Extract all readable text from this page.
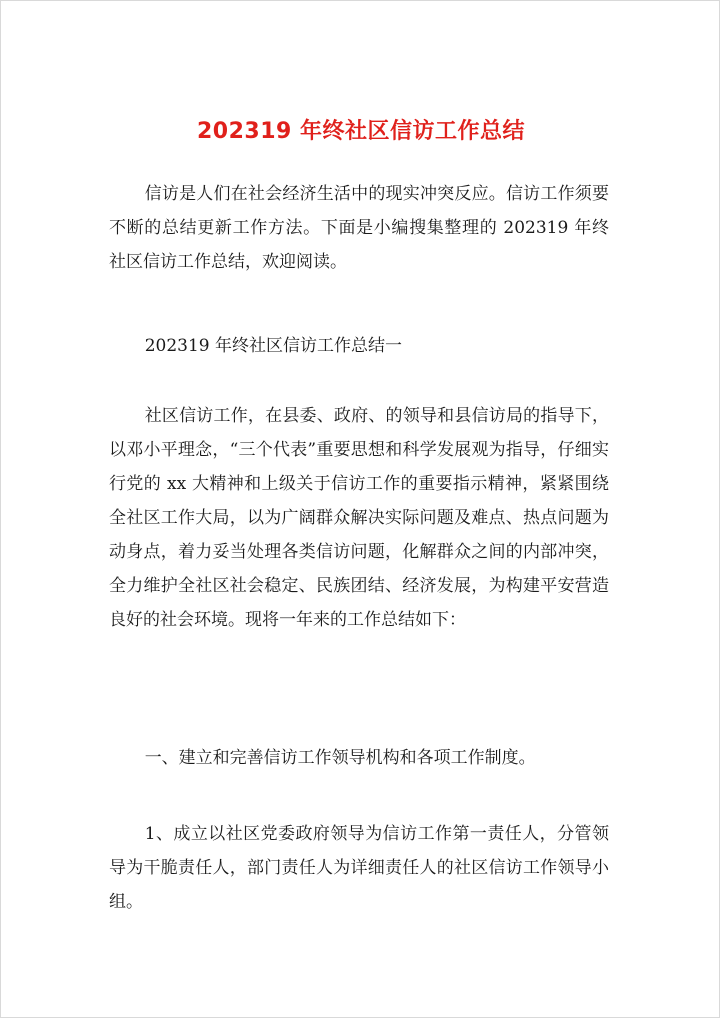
202319 年终社区信访工作总结

信访是人们在社会经济生活中的现实冲突反应。信访工作须要不断的总结更新工作方法。下面是小编搜集整理的 202319 年终社区信访工作总结，欢迎阅读。

202319 年终社区信访工作总结一

社区信访工作，在县委、政府、的领导和县信访局的指导下，以邓小平理念，“三个代表”重要思想和科学发展观为指导，仔细实行党的 xx 大精神和上级关于信访工作的重要指示精神，紧紧围绕全社区工作大局，以为广阔群众解决实际问题及难点、热点问题为动身点，着力妥当处理各类信访问题，化解群众之间的内部冲突，全力维护全社区社会稳定、民族团结、经济发展，为构建平安营造良好的社会环境。现将一年来的工作总结如下：

一、建立和完善信访工作领导机构和各项工作制度。

1、成立以社区党委政府领导为信访工作第一责任人，分管领导为干脆责任人，部门责任人为详细责任人的社区信访工作领导小组。
